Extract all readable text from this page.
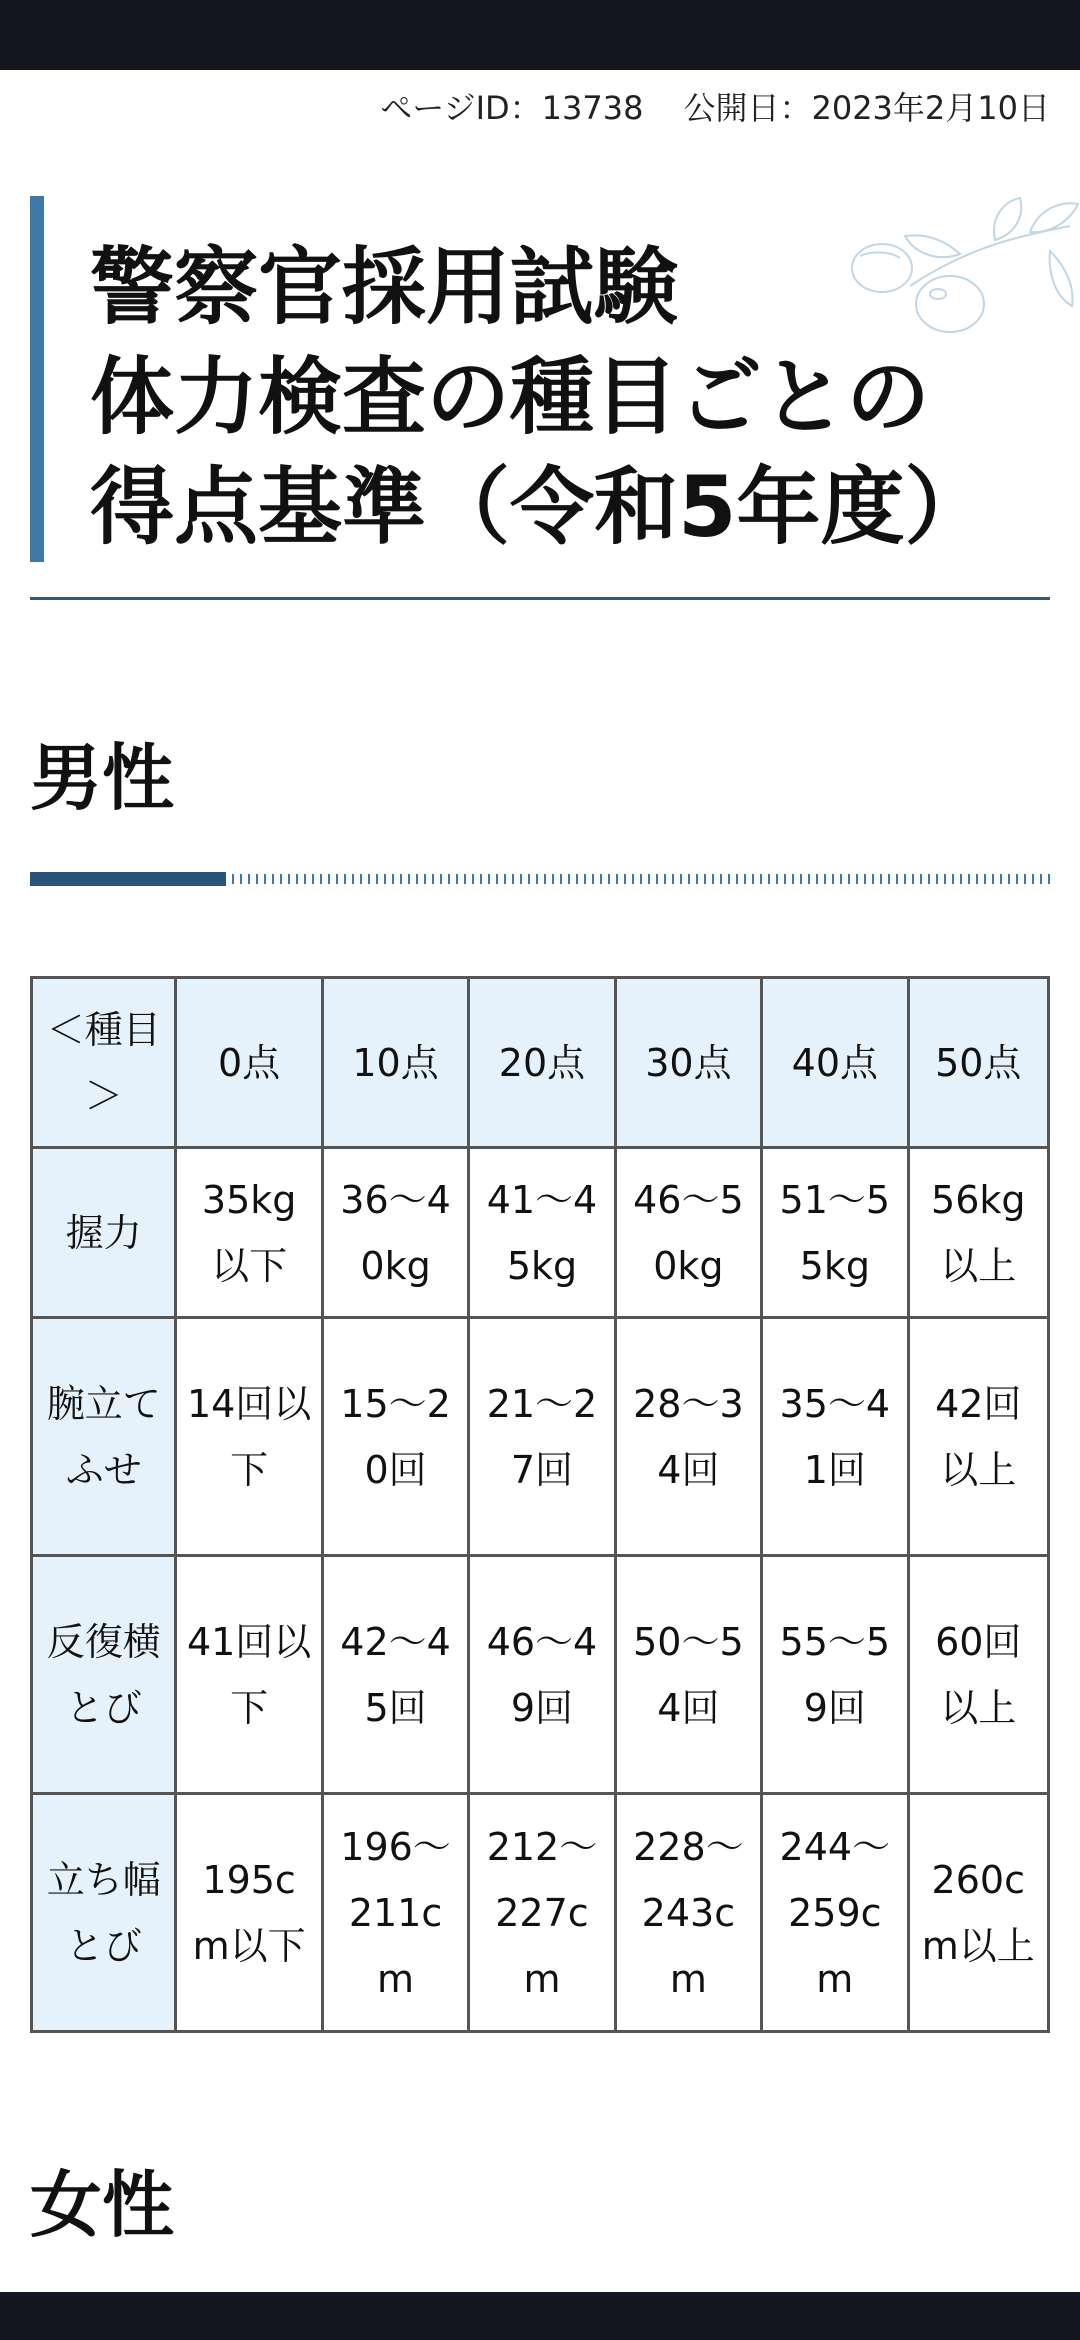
ページID：13738 公開日：2023年2月10日
警察官採用試験
体力検査の種目ごとの
得点基準（令和5年度）
男性
＜種目＞	0点	10点	20点	30点	40点	50点
握力	35kg以下	36〜40kg	41〜45kg	46〜50kg	51〜55kg	56kg以上
腕立てふせ	14回以下	15〜20回	21〜27回	28〜34回	35〜41回	42回以上
反復横とび	41回以下	42〜45回	46〜49回	50〜54回	55〜59回	60回以上
立ち幅とび	195cm以下	196〜211cm	212〜227cm	228〜243cm	244〜259cm	260cm以上
女性
